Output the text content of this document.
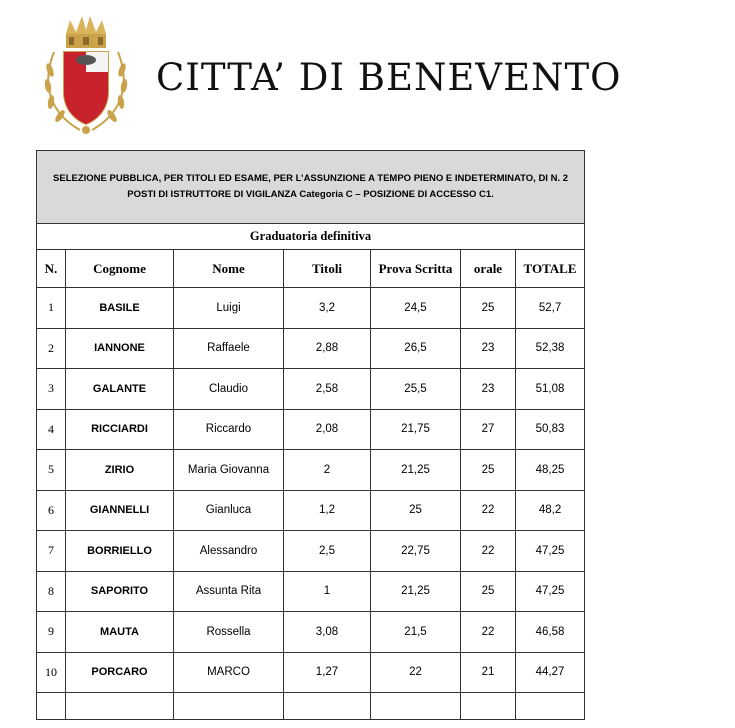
CITTA’ DI BENEVENTO
SELEZIONE PUBBLICA, PER TITOLI ED ESAME, PER L’ASSUNZIONE A TEMPO PIENO E INDETERMINATO, DI N. 2
POSTI DI ISTRUTTORE DI VIGILANZA Categoria C – POSIZIONE DI ACCESSO C1.						

Graduatoria definitiva						
N.	Cognome	Nome	Titoli	Prova Scritta	orale	TOTALE
1	BASILE	Luigi	3,2	24,5	25	52,7
2	IANNONE	Raffaele	2,88	26,5	23	52,38
3	GALANTE	Claudio	2,58	25,5	23	51,08
4	RICCIARDI	Riccardo	2,08	21,75	27	50,83
5	ZIRIO	Maria Giovanna	2	21,25	25	48,25
6	GIANNELLI	Gianluca	1,2	25	22	48,2
7	BORRIELLO	Alessandro	2,5	22,75	22	47,25
8	SAPORITO	Assunta Rita	1	21,25	25	47,25
9	MAUTA	Rossella	3,08	21,5	22	46,58
10	PORCARO	MARCO	1,27	22	21	44,27
